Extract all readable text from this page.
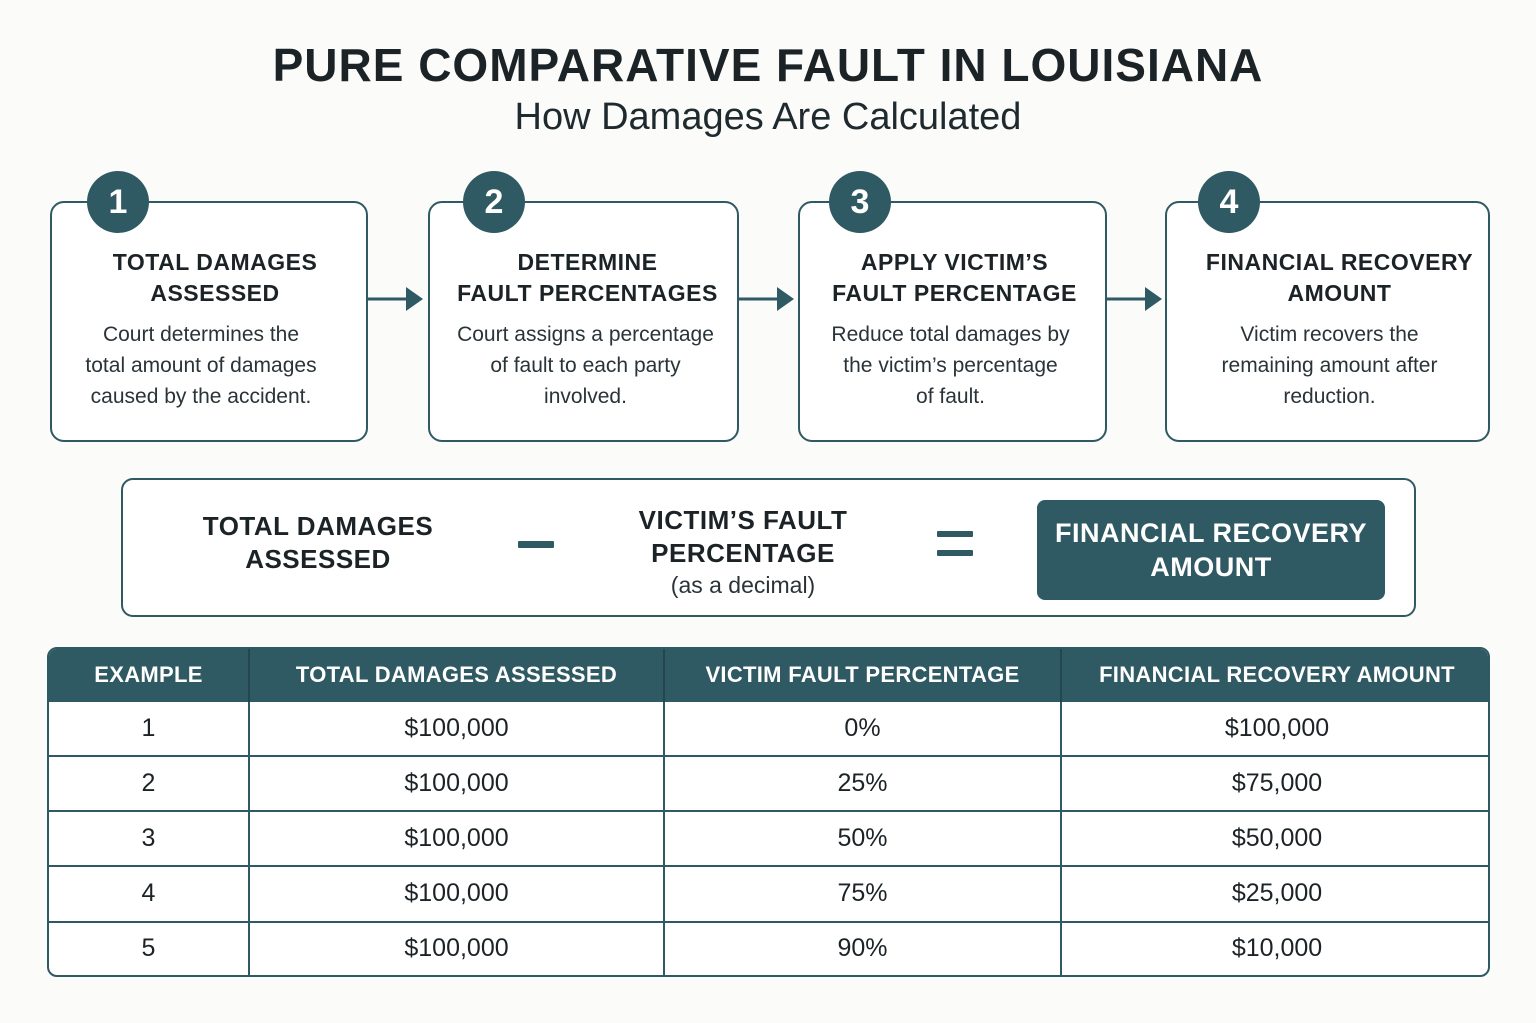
PURE COMPARATIVE FAULT IN LOUISIANA
How Damages Are Calculated
1
TOTAL DAMAGES
ASSESSED
Court determines the
total amount of damages
caused by the accident.
2
DETERMINE
FAULT PERCENTAGES
Court assigns a percentage
of fault to each party
involved.
3
APPLY VICTIM’S
FAULT PERCENTAGE
Reduce total damages by
the victim’s percentage
of fault.
4
FINANCIAL RECOVERY
AMOUNT
Victim recovers the
remaining amount after
reduction.
TOTAL DAMAGES
ASSESSED
VICTIM’S FAULT
PERCENTAGE
(as a decimal)
FINANCIAL RECOVERY
AMOUNT
EXAMPLE	TOTAL DAMAGES ASSESSED	VICTIM FAULT PERCENTAGE	FINANCIAL RECOVERY AMOUNT
1	$100,000	0%	$100,000
2	$100,000	25%	$75,000
3	$100,000	50%	$50,000
4	$100,000	75%	$25,000
5	$100,000	90%	$10,000
